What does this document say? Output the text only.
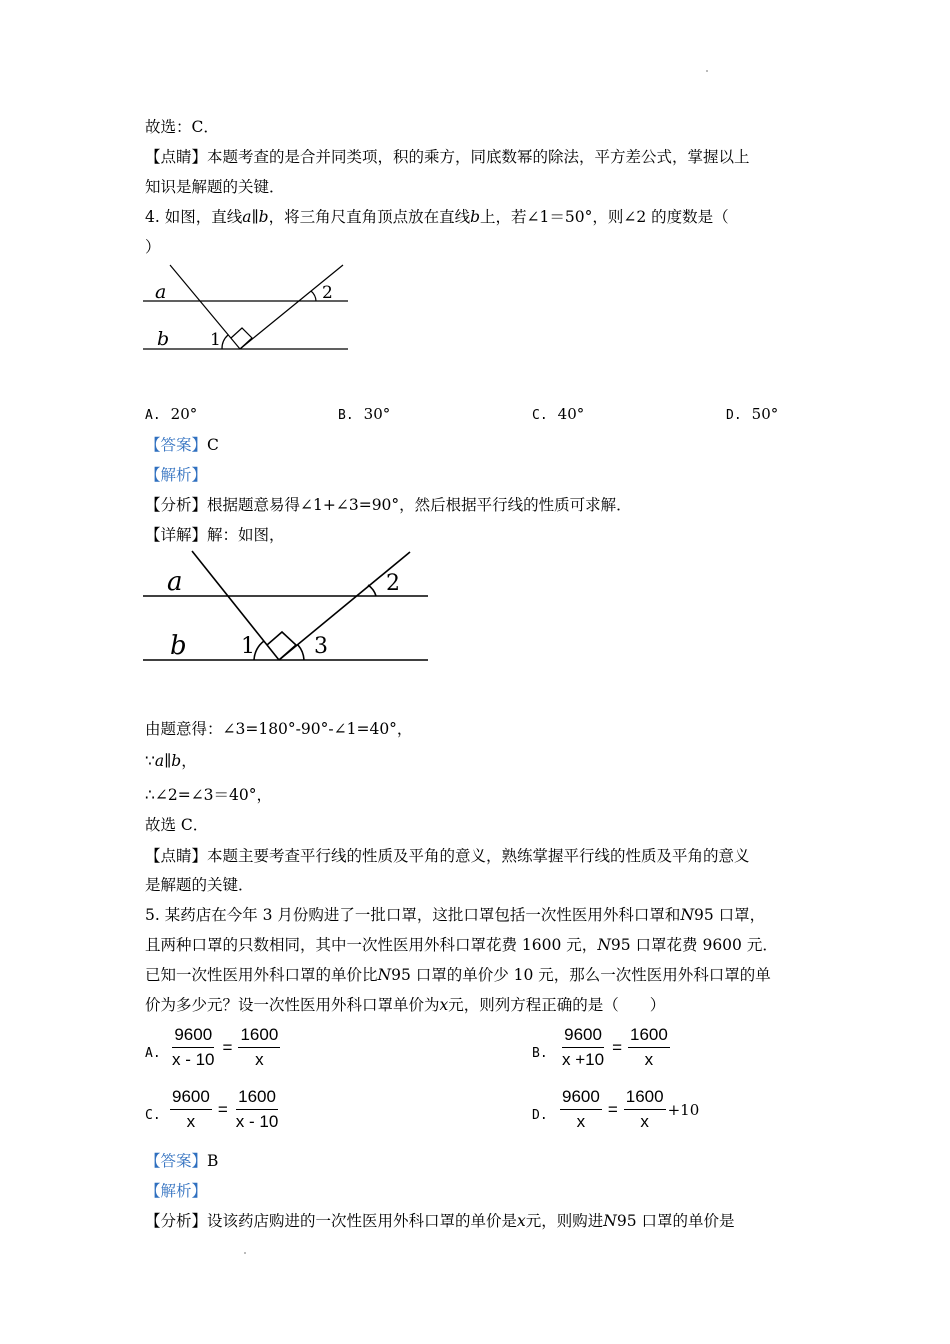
故选：C．
【点睛】本题考查的是合并同类项，积的乘方，同底数幂的除法，平方差公式，掌握以上
知识是解题的关键．
4. 如图，直线a∥b，将三角尺直角顶点放在直线b上，若∠1＝50°，则∠2 的度数是（
）
a
b 1
2
A. 20°	B. 30°	C. 40°	D. 50°
【答案】C
【解析】
【分析】根据题意易得∠1+∠3=90°，然后根据平行线的性质可求解．
【详解】解：如图，
a
b 1	3
2
由题意得：∠3=180°-90°-∠1=40°，
∵a∥b，
∴∠2=∠3＝40°，
故选 C．
【点睛】本题主要考查平行线的性质及平角的意义，熟练掌握平行线的性质及平角的意义
是解题的关键．
5. 某药店在今年 3 月份购进了一批口罩，这批口罩包括一次性医用外科口罩和N95 口罩，
且两种口罩的只数相同，其中一次性医用外科口罩花费 1600 元，N95 口罩花费 9600 元．
已知一次性医用外科口罩的单价比N95 口罩的单价少 10 元，那么一次性医用外科口罩的单
价为多少元？设一次性医用外科口罩单价为x元，则列方程正确的是（　　）
A. $\frac{9600}{x - 10} = \frac{1600}{x}$	B. $\frac{9600}{x +10} = \frac{1600}{x}$
C. $\frac{9600}{x} = \frac{1600}{x - 10}$	D. $\frac{9600}{x} = \frac{1600}{x} +10$
【答案】B
【解析】
【分析】设该药店购进的一次性医用外科口罩的单价是x元，则购进N95 口罩的单价是
